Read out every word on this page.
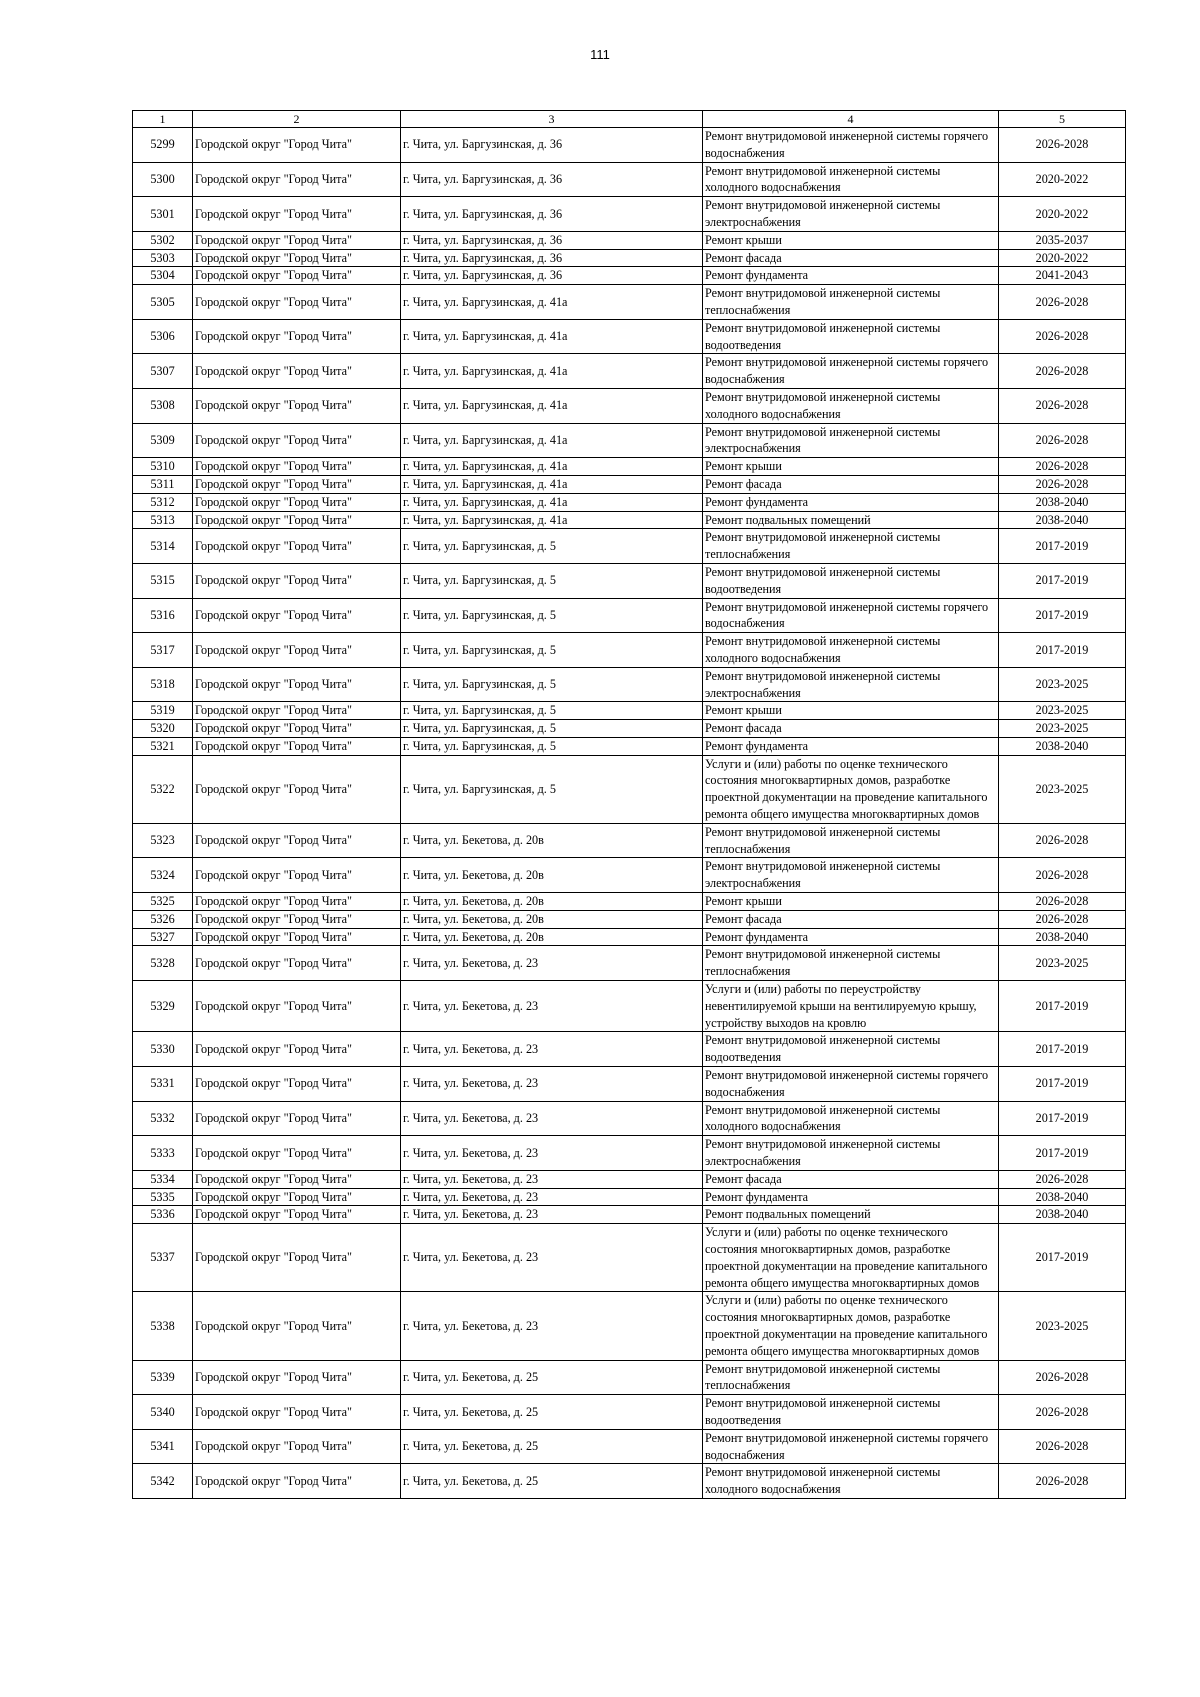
111
1	2	3	4	5
5299	Городской округ "Город Чита"	г. Чита, ул. Баргузинская, д. 36	Ремонт внутридомовой инженерной системы горячего водоснабжения	2026-2028
5300	Городской округ "Город Чита"	г. Чита, ул. Баргузинская, д. 36	Ремонт внутридомовой инженерной системы холодного водоснабжения	2020-2022
5301	Городской округ "Город Чита"	г. Чита, ул. Баргузинская, д. 36	Ремонт внутридомовой инженерной системы электроснабжения	2020-2022
5302	Городской округ "Город Чита"	г. Чита, ул. Баргузинская, д. 36	Ремонт крыши	2035-2037
5303	Городской округ "Город Чита"	г. Чита, ул. Баргузинская, д. 36	Ремонт фасада	2020-2022
5304	Городской округ "Город Чита"	г. Чита, ул. Баргузинская, д. 36	Ремонт фундамента	2041-2043
5305	Городской округ "Город Чита"	г. Чита, ул. Баргузинская, д. 41а	Ремонт внутридомовой инженерной системы теплоснабжения	2026-2028
5306	Городской округ "Город Чита"	г. Чита, ул. Баргузинская, д. 41а	Ремонт внутридомовой инженерной системы водоотведения	2026-2028
5307	Городской округ "Город Чита"	г. Чита, ул. Баргузинская, д. 41а	Ремонт внутридомовой инженерной системы горячего водоснабжения	2026-2028
5308	Городской округ "Город Чита"	г. Чита, ул. Баргузинская, д. 41а	Ремонт внутридомовой инженерной системы холодного водоснабжения	2026-2028
5309	Городской округ "Город Чита"	г. Чита, ул. Баргузинская, д. 41а	Ремонт внутридомовой инженерной системы электроснабжения	2026-2028
5310	Городской округ "Город Чита"	г. Чита, ул. Баргузинская, д. 41а	Ремонт крыши	2026-2028
5311	Городской округ "Город Чита"	г. Чита, ул. Баргузинская, д. 41а	Ремонт фасада	2026-2028
5312	Городской округ "Город Чита"	г. Чита, ул. Баргузинская, д. 41а	Ремонт фундамента	2038-2040
5313	Городской округ "Город Чита"	г. Чита, ул. Баргузинская, д. 41а	Ремонт подвальных помещений	2038-2040
5314	Городской округ "Город Чита"	г. Чита, ул. Баргузинская, д. 5	Ремонт внутридомовой инженерной системы теплоснабжения	2017-2019
5315	Городской округ "Город Чита"	г. Чита, ул. Баргузинская, д. 5	Ремонт внутридомовой инженерной системы водоотведения	2017-2019
5316	Городской округ "Город Чита"	г. Чита, ул. Баргузинская, д. 5	Ремонт внутридомовой инженерной системы горячего водоснабжения	2017-2019
5317	Городской округ "Город Чита"	г. Чита, ул. Баргузинская, д. 5	Ремонт внутридомовой инженерной системы холодного водоснабжения	2017-2019
5318	Городской округ "Город Чита"	г. Чита, ул. Баргузинская, д. 5	Ремонт внутридомовой инженерной системы электроснабжения	2023-2025
5319	Городской округ "Город Чита"	г. Чита, ул. Баргузинская, д. 5	Ремонт крыши	2023-2025
5320	Городской округ "Город Чита"	г. Чита, ул. Баргузинская, д. 5	Ремонт фасада	2023-2025
5321	Городской округ "Город Чита"	г. Чита, ул. Баргузинская, д. 5	Ремонт фундамента	2038-2040
5322	Городской округ "Город Чита"	г. Чита, ул. Баргузинская, д. 5	Услуги и (или) работы по оценке технического состояния многоквартирных домов, разработке проектной документации на проведение капитального ремонта общего имущества многоквартирных домов	2023-2025
5323	Городской округ "Город Чита"	г. Чита, ул. Бекетова, д. 20в	Ремонт внутридомовой инженерной системы теплоснабжения	2026-2028
5324	Городской округ "Город Чита"	г. Чита, ул. Бекетова, д. 20в	Ремонт внутридомовой инженерной системы электроснабжения	2026-2028
5325	Городской округ "Город Чита"	г. Чита, ул. Бекетова, д. 20в	Ремонт крыши	2026-2028
5326	Городской округ "Город Чита"	г. Чита, ул. Бекетова, д. 20в	Ремонт фасада	2026-2028
5327	Городской округ "Город Чита"	г. Чита, ул. Бекетова, д. 20в	Ремонт фундамента	2038-2040
5328	Городской округ "Город Чита"	г. Чита, ул. Бекетова, д. 23	Ремонт внутридомовой инженерной системы теплоснабжения	2023-2025
5329	Городской округ "Город Чита"	г. Чита, ул. Бекетова, д. 23	Услуги и (или) работы по переустройству невентилируемой крыши на вентилируемую крышу, устройству выходов на кровлю	2017-2019
5330	Городской округ "Город Чита"	г. Чита, ул. Бекетова, д. 23	Ремонт внутридомовой инженерной системы водоотведения	2017-2019
5331	Городской округ "Город Чита"	г. Чита, ул. Бекетова, д. 23	Ремонт внутридомовой инженерной системы горячего водоснабжения	2017-2019
5332	Городской округ "Город Чита"	г. Чита, ул. Бекетова, д. 23	Ремонт внутридомовой инженерной системы холодного водоснабжения	2017-2019
5333	Городской округ "Город Чита"	г. Чита, ул. Бекетова, д. 23	Ремонт внутридомовой инженерной системы электроснабжения	2017-2019
5334	Городской округ "Город Чита"	г. Чита, ул. Бекетова, д. 23	Ремонт фасада	2026-2028
5335	Городской округ "Город Чита"	г. Чита, ул. Бекетова, д. 23	Ремонт фундамента	2038-2040
5336	Городской округ "Город Чита"	г. Чита, ул. Бекетова, д. 23	Ремонт подвальных помещений	2038-2040
5337	Городской округ "Город Чита"	г. Чита, ул. Бекетова, д. 23	Услуги и (или) работы по оценке технического состояния многоквартирных домов, разработке проектной документации на проведение капитального ремонта общего имущества многоквартирных домов	2017-2019
5338	Городской округ "Город Чита"	г. Чита, ул. Бекетова, д. 23	Услуги и (или) работы по оценке технического состояния многоквартирных домов, разработке проектной документации на проведение капитального ремонта общего имущества многоквартирных домов	2023-2025
5339	Городской округ "Город Чита"	г. Чита, ул. Бекетова, д. 25	Ремонт внутридомовой инженерной системы теплоснабжения	2026-2028
5340	Городской округ "Город Чита"	г. Чита, ул. Бекетова, д. 25	Ремонт внутридомовой инженерной системы водоотведения	2026-2028
5341	Городской округ "Город Чита"	г. Чита, ул. Бекетова, д. 25	Ремонт внутридомовой инженерной системы горячего водоснабжения	2026-2028
5342	Городской округ "Город Чита"	г. Чита, ул. Бекетова, д. 25	Ремонт внутридомовой инженерной системы холодного водоснабжения	2026-2028
